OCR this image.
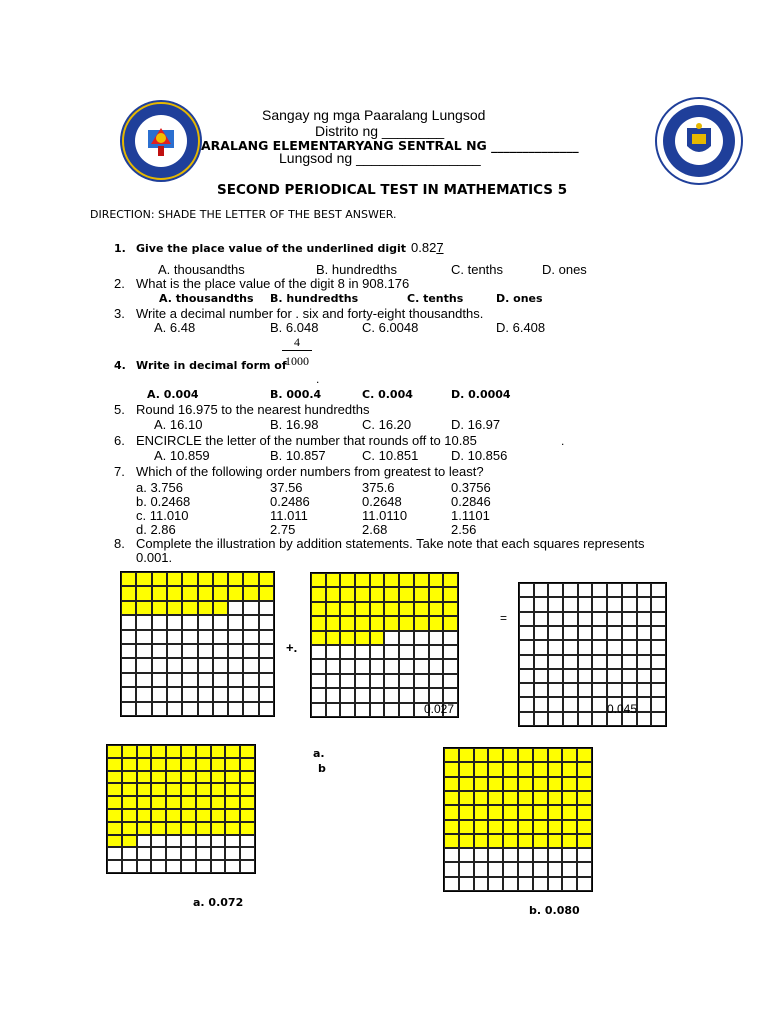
Sangay ng mga Paaralang Lungsod
Distrito ng ________
ARALANG ELEMENTARYANG SENTRAL NG ______________
Lungsod ng ________________
SECOND PERIODICAL TEST IN MATHEMATICS 5
DIRECTION: SHADE THE LETTER OF THE BEST ANSWER.
1. Give the place value of the underlined digit 0.827
A. thousandths	B. hundredths	C. tenths	D. ones
2. What is the place value of the digit 8 in 908.176
A. thousandths B. hundredths	C. tenths	D. ones
3. Write a decimal number for . six and forty-eight thousandths.
A. 6.48	B. 6.048	C. 6.0048	D. 6.408
4. Write in decimal form of
4
1000
.
A. 0.004	B. 000.4	C. 0.004	D. 0.0004
5. Round 16.975 to the nearest hundredths
A. 16.10	B. 16.98	C. 16.20	D. 16.97
6. ENCIRCLE the letter of the number that rounds off to 10.85	.
A. 10.859	B. 10.857	C. 10.851	D. 10.856
7. Which of the following order numbers from greatest to least?
a. 3.756	37.56	375.6	0.3756
b. 0.2468	0.2486	0.2648	0.2846
c. 11.010	11.011	11.0110	1.1101
d. 2.86	2.75	2.68	2.56
8. Complete the illustration by addition statements. Take note that each squares represents
0.001.
+.
=
0.027	0.045
a.
b
a. 0.072
b. 0.080
